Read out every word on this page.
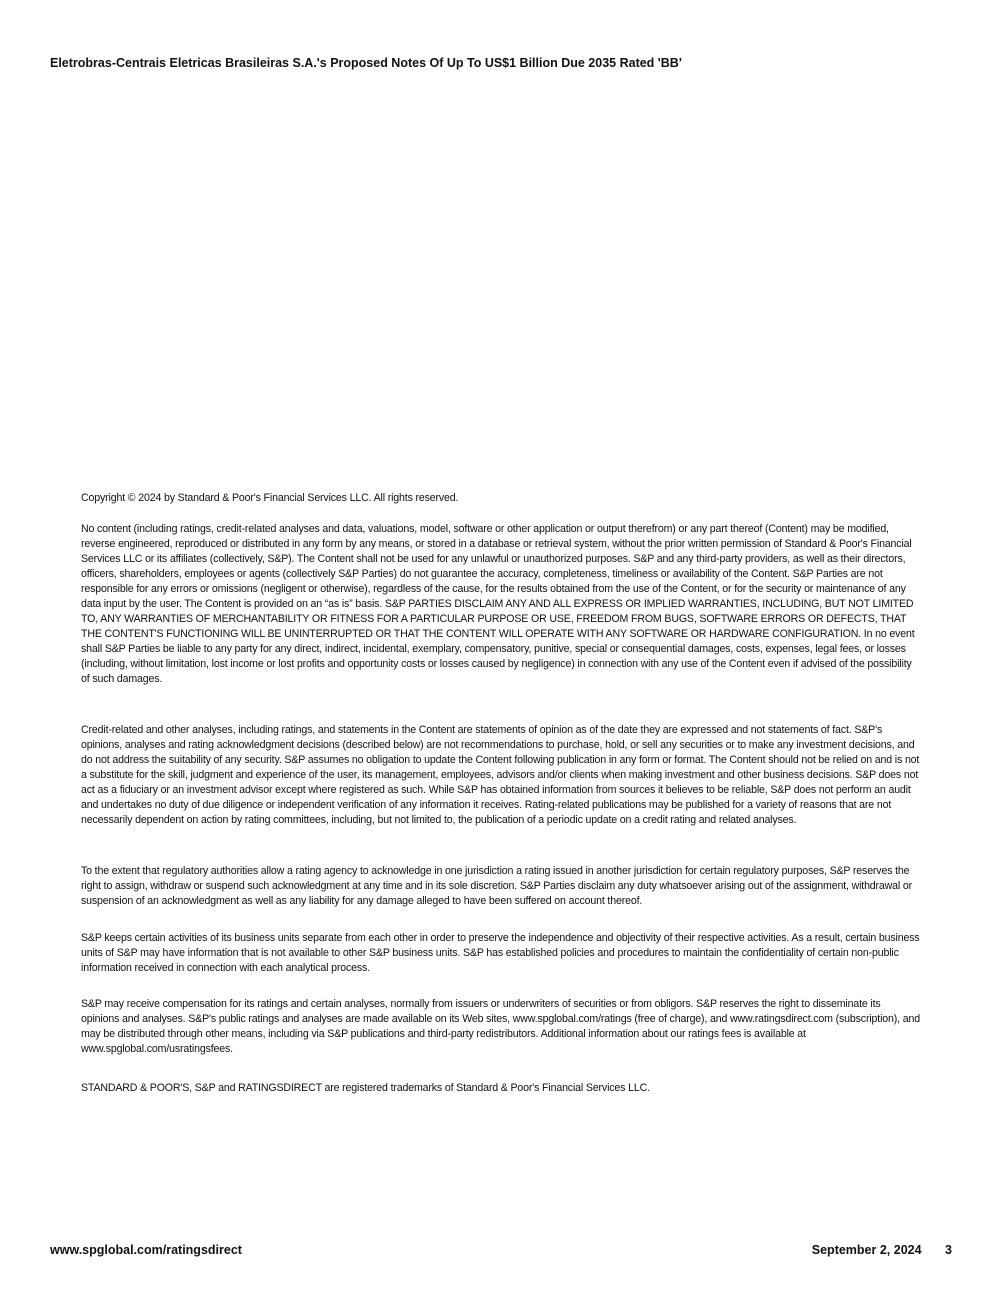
Eletrobras-Centrais Eletricas Brasileiras S.A.'s Proposed Notes Of Up To US$1 Billion Due 2035 Rated 'BB'

Copyright © 2024 by Standard & Poor's Financial Services LLC. All rights reserved.

No content (including ratings, credit-related analyses and data, valuations, model, software or other application or output therefrom) or any part thereof (Content) may be modified, reverse engineered, reproduced or distributed in any form by any means, or stored in a database or retrieval system, without the prior written permission of Standard & Poor's Financial Services LLC or its affiliates (collectively, S&P). The Content shall not be used for any unlawful or unauthorized purposes. S&P and any third-party providers, as well as their directors, officers, shareholders, employees or agents (collectively S&P Parties) do not guarantee the accuracy, completeness, timeliness or availability of the Content. S&P Parties are not responsible for any errors or omissions (negligent or otherwise), regardless of the cause, for the results obtained from the use of the Content, or for the security or maintenance of any data input by the user. The Content is provided on an “as is” basis. S&P PARTIES DISCLAIM ANY AND ALL EXPRESS OR IMPLIED WARRANTIES, INCLUDING, BUT NOT LIMITED TO, ANY WARRANTIES OF MERCHANTABILITY OR FITNESS FOR A PARTICULAR PURPOSE OR USE, FREEDOM FROM BUGS, SOFTWARE ERRORS OR DEFECTS, THAT THE CONTENT'S FUNCTIONING WILL BE UNINTERRUPTED OR THAT THE CONTENT WILL OPERATE WITH ANY SOFTWARE OR HARDWARE CONFIGURATION. In no event shall S&P Parties be liable to any party for any direct, indirect, incidental, exemplary, compensatory, punitive, special or consequential damages, costs, expenses, legal fees, or losses (including, without limitation, lost income or lost profits and opportunity costs or losses caused by negligence) in connection with any use of the Content even if advised of the possibility of such damages.

Credit-related and other analyses, including ratings, and statements in the Content are statements of opinion as of the date they are expressed and not statements of fact. S&P's opinions, analyses and rating acknowledgment decisions (described below) are not recommendations to purchase, hold, or sell any securities or to make any investment decisions, and do not address the suitability of any security. S&P assumes no obligation to update the Content following publication in any form or format. The Content should not be relied on and is not a substitute for the skill, judgment and experience of the user, its management, employees, advisors and/or clients when making investment and other business decisions. S&P does not act as a fiduciary or an investment advisor except where registered as such. While S&P has obtained information from sources it believes to be reliable, S&P does not perform an audit and undertakes no duty of due diligence or independent verification of any information it receives. Rating-related publications may be published for a variety of reasons that are not necessarily dependent on action by rating committees, including, but not limited to, the publication of a periodic update on a credit rating and related analyses.

To the extent that regulatory authorities allow a rating agency to acknowledge in one jurisdiction a rating issued in another jurisdiction for certain regulatory purposes, S&P reserves the right to assign, withdraw or suspend such acknowledgment at any time and in its sole discretion. S&P Parties disclaim any duty whatsoever arising out of the assignment, withdrawal or suspension of an acknowledgment as well as any liability for any damage alleged to have been suffered on account thereof.

S&P keeps certain activities of its business units separate from each other in order to preserve the independence and objectivity of their respective activities. As a result, certain business units of S&P may have information that is not available to other S&P business units. S&P has established policies and procedures to maintain the confidentiality of certain non-public information received in connection with each analytical process.

S&P may receive compensation for its ratings and certain analyses, normally from issuers or underwriters of securities or from obligors. S&P reserves the right to disseminate its opinions and analyses. S&P's public ratings and analyses are made available on its Web sites, www.spglobal.com/ratings (free of charge), and www.ratingsdirect.com (subscription), and may be distributed through other means, including via S&P publications and third-party redistributors. Additional information about our ratings fees is available at www.spglobal.com/usratingsfees.

STANDARD & POOR'S, S&P and RATINGSDIRECT are registered trademarks of Standard & Poor's Financial Services LLC.

www.spglobal.com/ratingsdirect	September 2, 2024 3
